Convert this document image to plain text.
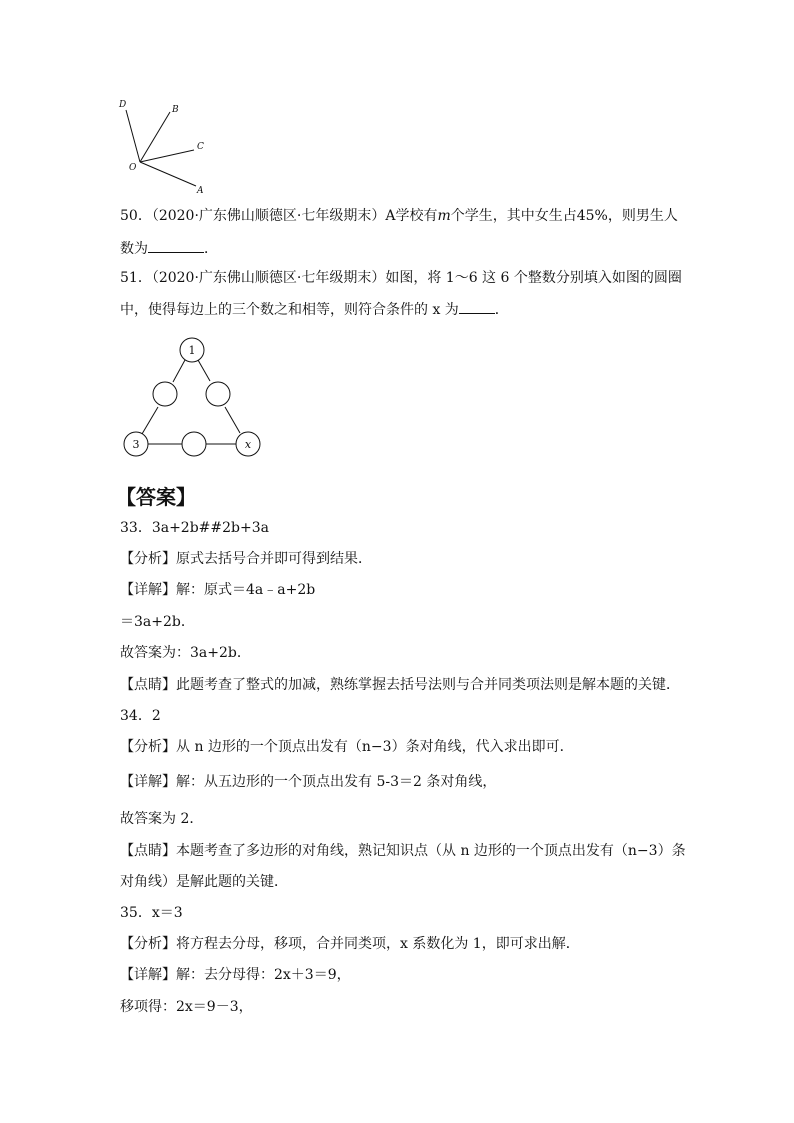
D	B
C
O
A
50．（2020·广东佛山顺德区·七年级期末）A学校有m个学生，其中女生占45%，则男生人
数为	．
51．（2020·广东佛山顺德区·七年级期末）如图，将 1～6 这 6 个整数分别填入如图的圆圈
中，使得每边上的三个数之和相等，则符合条件的 x 为	．
1
3	x
【答案】
33．3a+2b##2b+3a
【分析】原式去括号合并即可得到结果．
【详解】解：原式＝4a﹣a+2b
＝3a+2b．
故答案为：3a+2b．
【点睛】此题考查了整式的加减，熟练掌握去括号法则与合并同类项法则是解本题的关键．
34．2
【分析】从 n 边形的一个顶点出发有（n−3）条对角线，代入求出即可．
【详解】解：从五边形的一个顶点出发有 5-3＝2 条对角线，
故答案为 2．
【点睛】本题考查了多边形的对角线，熟记知识点（从 n 边形的一个顶点出发有（n−3）条
对角线）是解此题的关键．
35．x＝3
【分析】将方程去分母，移项，合并同类项，x 系数化为 1，即可求出解．
【详解】解：去分母得：2x＋3＝9，
移项得：2x＝9－3，
